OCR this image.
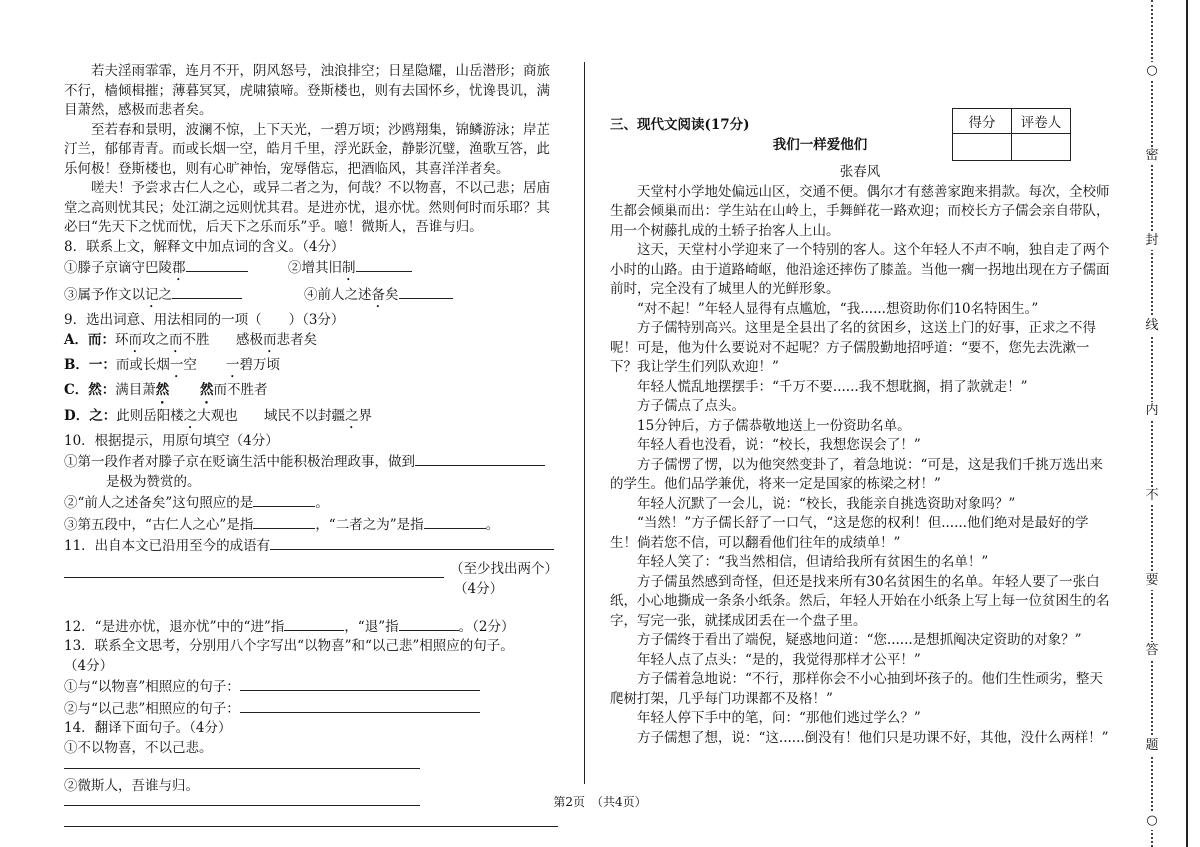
若夫淫雨霏霏，连月不开，阴风怒号，浊浪排空；日星隐耀，山岳潜形；商旅不行，樯倾楫摧；薄暮冥冥，虎啸猿啼。登斯楼也，则有去国怀乡，忧谗畏讥，满目萧然，感极而悲者矣。

至若春和景明，波澜不惊，上下天光，一碧万顷；沙鸥翔集，锦鳞游泳；岸芷汀兰，郁郁青青。而或长烟一空，皓月千里，浮光跃金，静影沉璧，渔歌互答，此乐何极！登斯楼也，则有心旷神怡，宠辱偕忘，把酒临风，其喜洋洋者矣。

嗟夫！予尝求古仁人之心，或异二者之为，何哉？不以物喜，不以己悲；居庙堂之高则忧其民；处江湖之远则忧其君。是进亦忧，退亦忧。然则何时而乐耶？其必曰“先天下之忧而忧，后天下之乐而乐”乎。噫！微斯人，吾谁与归。

8．联系上文，解释文中加点词的含义。（4分）

①滕子京谪守巴陵郡	②增其旧制
③属予作文以记之	④前人之述备矣

9．选出词意、用法相同的一项（　　）（3分）

A．而：环而攻之而不胜	感极而悲者矣
B．一：而或长烟一空	一碧万顷
C．然：满目萧然	然而不胜者
D．之：此则岳阳楼之大观也	域民不以封疆之界

10．根据提示，用原句填空（4分）

①第一段作者对滕子京在贬谪生活中能积极治理政事，做到

是极为赞赏的。

②“前人之述备矣”这句照应的是	。

③第五段中，“古仁人之心”是指	，“二者之为”是指	。

11．出自本文已沿用至今的成语有

（至少找出两个）
（4分）

12．“是进亦忧，退亦忧”中的“进”指	，“退”指	。（2分）

13．联系全文思考，分别用八个字写出“以物喜”和“以己悲”相照应的句子。

（4分）

①与“以物喜”相照应的句子：

②与“以己悲”相照应的句子：

14．翻译下面句子。（4分）

①不以物喜，不以己悲。

②微斯人，吾谁与归。

三、现代文阅读(17分)

我们一样爱他们

张春风

天堂村小学地处偏远山区，交通不便。偶尔才有慈善家跑来捐款。每次，全校师生都会倾巢而出：学生站在山岭上，手舞鲜花一路欢迎；而校长方子儒会亲自带队，用一个树藤扎成的土轿子抬客人上山。

这天，天堂村小学迎来了一个特别的客人。这个年轻人不声不响，独自走了两个小时的山路。由于道路崎岖，他沿途还摔伤了膝盖。当他一瘸一拐地出现在方子儒面前时，完全没有了城里人的光鲜形象。

“对不起！”年轻人显得有点尴尬，“我......想资助你们10名特困生。”

方子儒特别高兴。这里是全县出了名的贫困乡，这送上门的好事，正求之不得呢！可是，他为什么要说对不起呢？方子儒殷勤地招呼道：“要不，您先去洗漱一下？我让学生们列队欢迎！”

年轻人慌乱地摆摆手：“千万不要......我不想耽搁，捐了款就走！”

方子儒点了点头。

15分钟后，方子儒恭敬地送上一份资助名单。

年轻人看也没看，说：“校长，我想您误会了！”

方子儒愣了愣，以为他突然变卦了，着急地说：“可是，这是我们千挑万选出来的学生。他们品学兼优，将来一定是国家的栋梁之材！”

年轻人沉默了一会儿，说：“校长，我能亲自挑选资助对象吗？”

“当然！”方子儒长舒了一口气，“这是您的权利！但......他们绝对是最好的学生！倘若您不信，可以翻看他们往年的成绩单！”

年轻人笑了：“我当然相信，但请给我所有贫困生的名单！”

方子儒虽然感到奇怪，但还是找来所有30名贫困生的名单。年轻人要了一张白纸，小心地撕成一条条小纸条。然后，年轻人开始在小纸条上写上每一位贫困生的名字，写完一张，就揉成团丢在一个盘子里。

方子儒终于看出了端倪，疑惑地问道：“您......是想抓阄决定资助的对象？”

年轻人点了点头：“是的，我觉得那样才公平！”

方子儒着急地说：“不行，那样你会不小心抽到坏孩子的。他们生性顽劣，整天爬树打架，几乎每门功课都不及格！”

年轻人停下手中的笔，问：“那他们逃过学么？”

方子儒想了想，说：“这......倒没有！他们只是功课不好，其他，没什么两样！”

得分	评卷人

第2页　（共4页）
○
密
封
线
内
不
要
答
题
○
